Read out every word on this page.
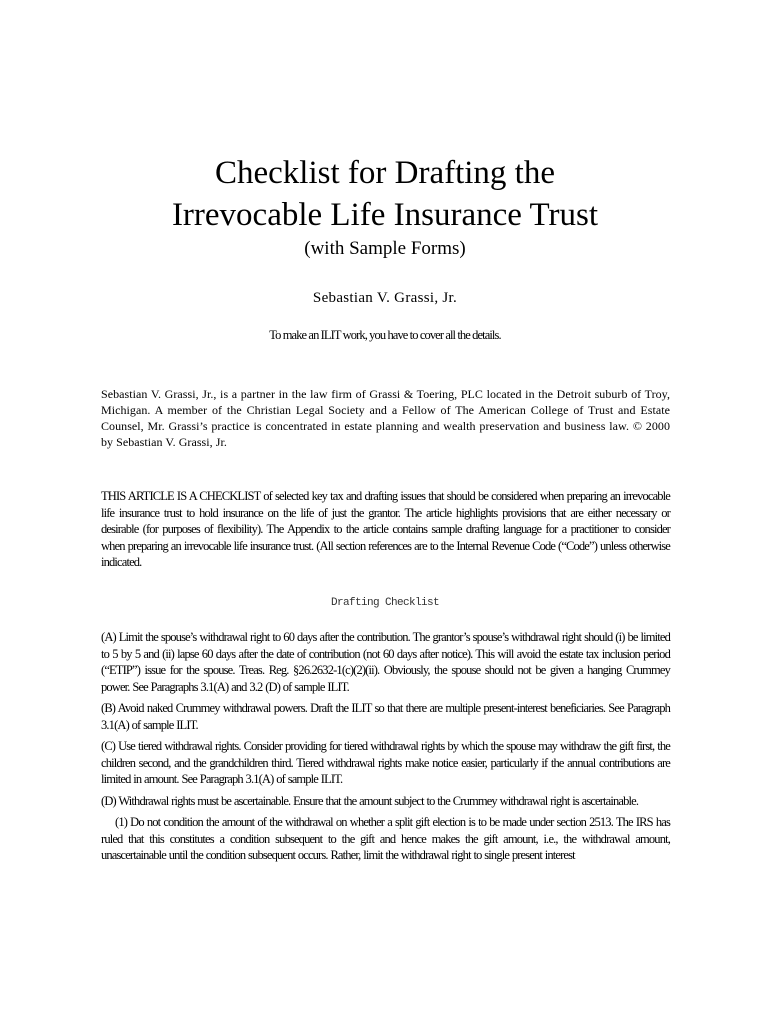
Checklist for Drafting the
Irrevocable Life Insurance Trust
(with Sample Forms)
Sebastian V. Grassi, Jr.
To make an ILIT work, you have to cover all the details.
Sebastian V. Grassi, Jr., is a partner in the law firm of Grassi & Toering, PLC located in the Detroit suburb of Troy, Michigan. A member of the Christian Legal Society and a Fellow of The American College of Trust and Estate Counsel, Mr. Grassi’s practice is concentrated in estate planning and wealth preservation and business law. © 2000 by Sebastian V. Grassi, Jr.
THIS ARTICLE IS A CHECKLIST of selected key tax and drafting issues that should be considered when preparing an irrevocable life insurance trust to hold insurance on the life of just the grantor. The article highlights provisions that are either necessary or desirable (for purposes of flexibility). The Appendix to the article contains sample drafting language for a practitioner to consider when preparing an irrevocable life insurance trust. (All section references are to the Internal Revenue Code (“Code”) unless otherwise indicated.
Drafting Checklist

(A) Limit the spouse’s withdrawal right to 60 days after the contribution. The grantor’s spouse’s withdrawal right should (i) be limited to 5 by 5 and (ii) lapse 60 days after the date of contribution (not 60 days after notice). This will avoid the estate tax inclusion period (“ETIP”) issue for the spouse. Treas. Reg. §26.2632-1(c)(2)(ii). Obviously, the spouse should not be given a hanging Crummey power. See Paragraphs 3.1(A) and 3.2 (D) of sample ILIT.

(B) Avoid naked Crummey withdrawal powers. Draft the ILIT so that there are multiple present-interest beneficiaries. See Paragraph 3.1(A) of sample ILIT.

(C) Use tiered withdrawal rights. Consider providing for tiered withdrawal rights by which the spouse may withdraw the gift first, the children second, and the grandchildren third. Tiered withdrawal rights make notice easier, particularly if the annual contributions are limited in amount. See Paragraph 3.1(A) of sample ILIT.

(D) Withdrawal rights must be ascertainable. Ensure that the amount subject to the Crummey withdrawal right is ascertainable.

(1) Do not condition the amount of the withdrawal on whether a split gift election is to be made under section 2513. The IRS has ruled that this constitutes a condition subsequent to the gift and hence makes the gift amount, i.e., the withdrawal amount, unascertainable until the condition subsequent occurs. Rather, limit the withdrawal right to single present interest
